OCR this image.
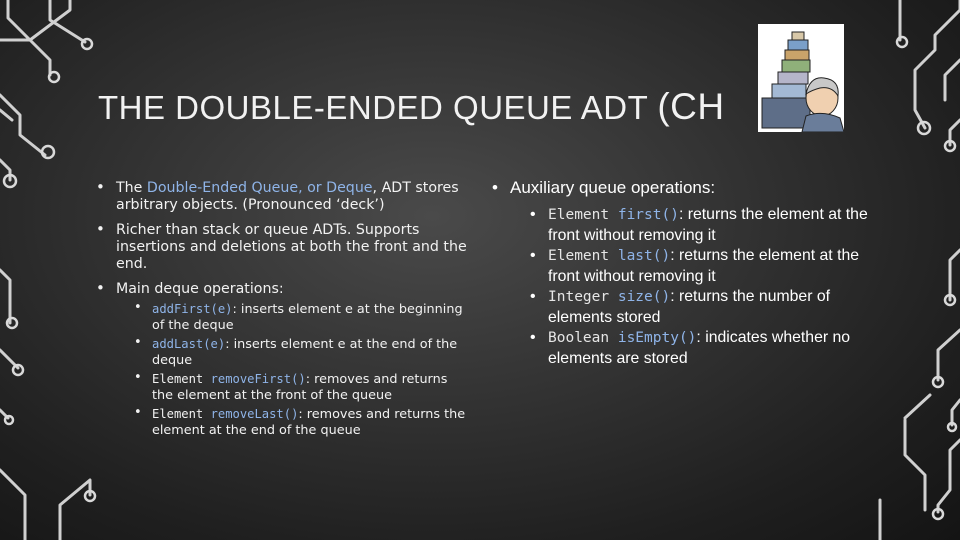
THE DOUBLE-ENDED QUEUE ADT (CH
• The Double-Ended Queue, or Deque, ADT stores arbitrary objects. (Pronounced ‘deck’)
• Richer than stack or queue ADTs. Supports insertions and deletions at both the front and the end.
• Main deque operations:
• addFirst(e): inserts element e at the beginning of the deque
• addLast(e): inserts element e at the end of the deque
• Element removeFirst(): removes and returns the element at the front of the queue
• Element removeLast(): removes and returns the element at the end of the queue
• Auxiliary queue operations:
• Element first(): returns the element at the front without removing it
• Element last(): returns the element at the front without removing it
• Integer size(): returns the number of elements stored
• Boolean isEmpty(): indicates whether no elements are stored
